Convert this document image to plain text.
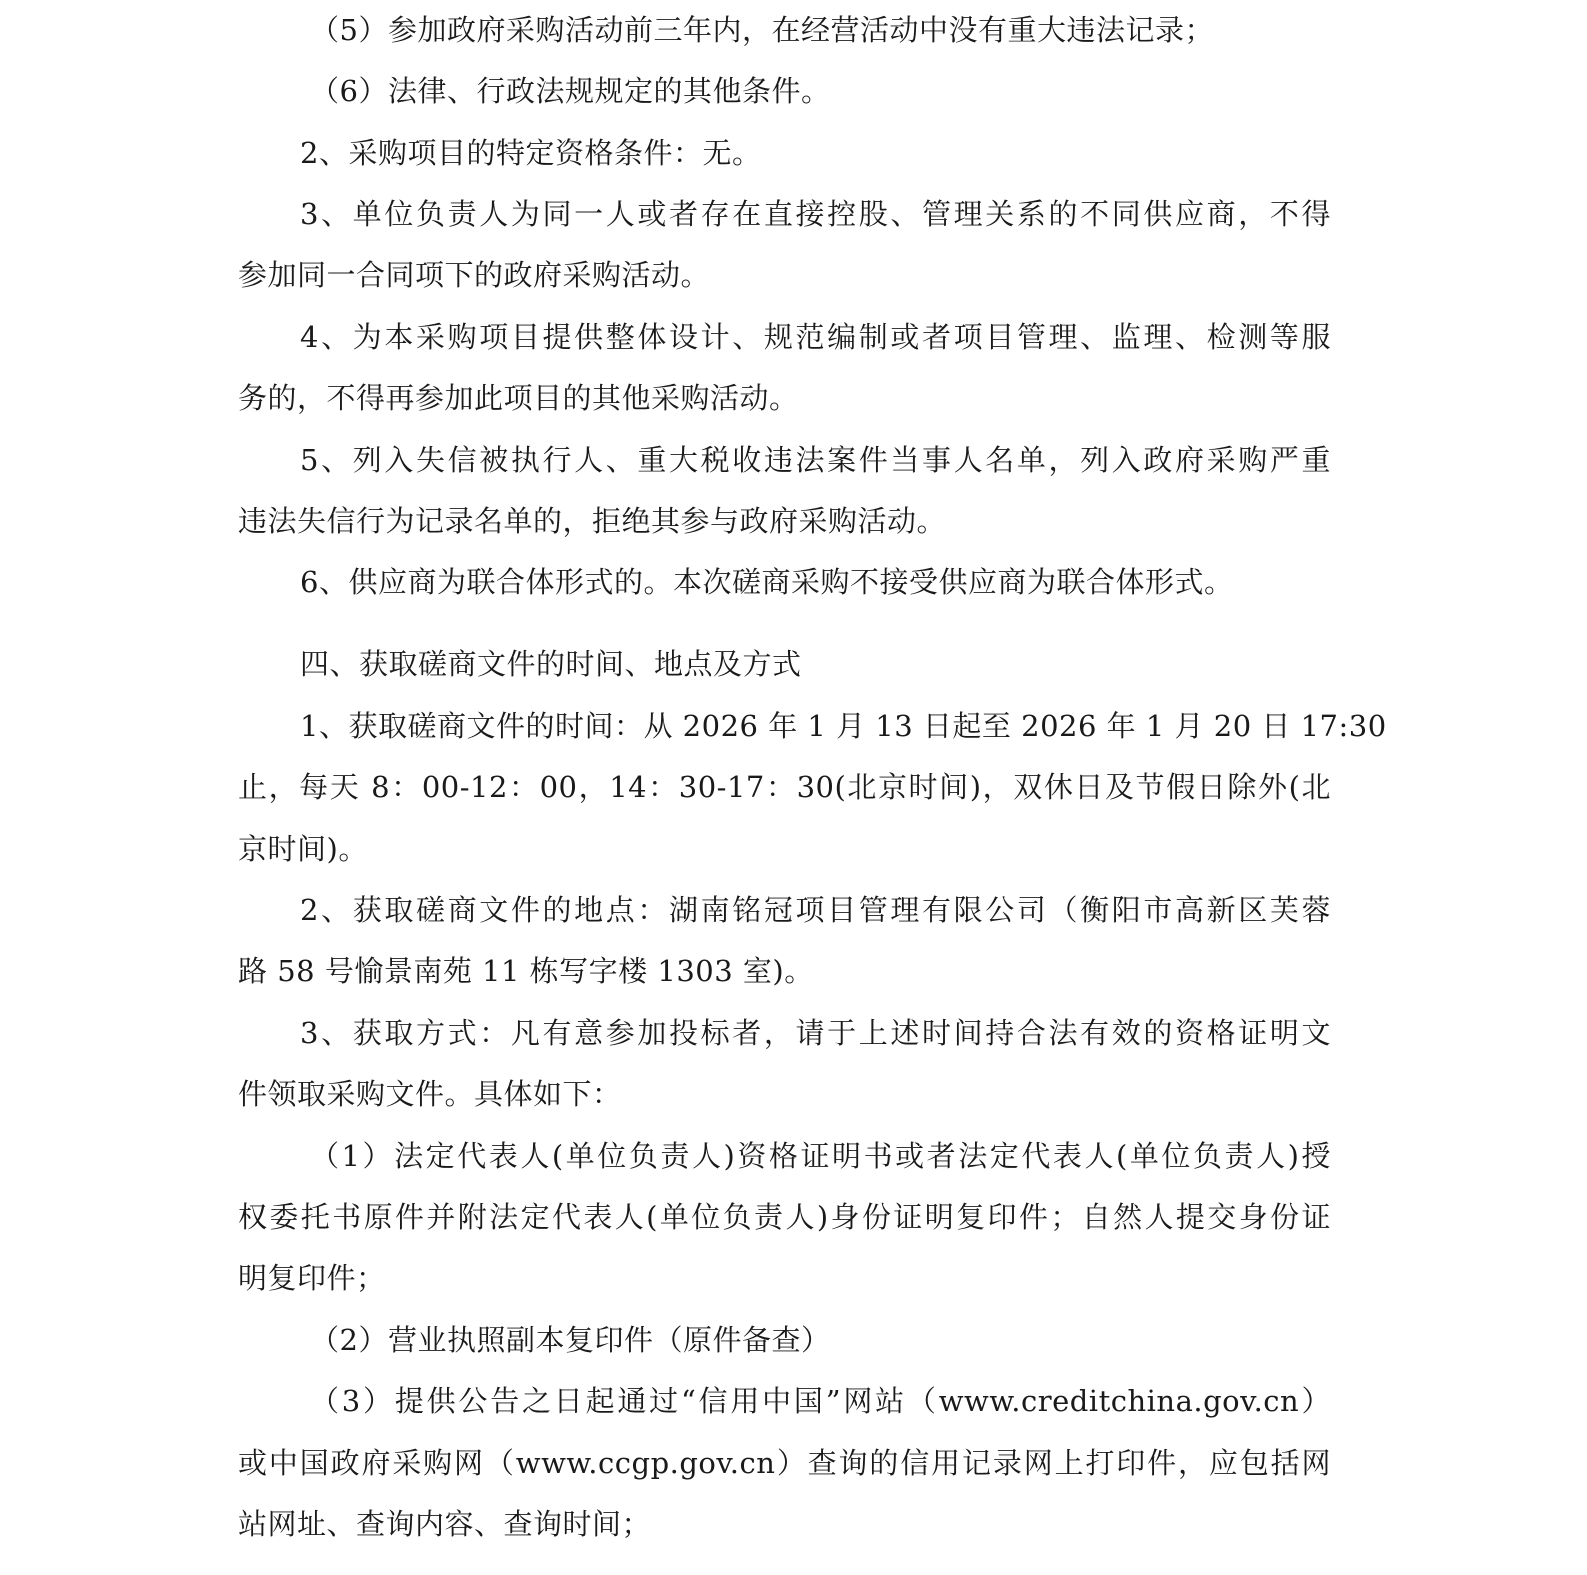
（5）参加政府采购活动前三年内，在经营活动中没有重大违法记录；
（6）法律、行政法规规定的其他条件。
2、采购项目的特定资格条件：无。
3、单位负责人为同一人或者存在直接控股、管理关系的不同供应商，不得
参加同一合同项下的政府采购活动。
4、为本采购项目提供整体设计、规范编制或者项目管理、监理、检测等服
务的，不得再参加此项目的其他采购活动。
5、列入失信被执行人、重大税收违法案件当事人名单，列入政府采购严重
违法失信行为记录名单的，拒绝其参与政府采购活动。
6、供应商为联合体形式的。本次磋商采购不接受供应商为联合体形式。
四、获取磋商文件的时间、地点及方式
1、获取磋商文件的时间：从 2026 年 1 月 13 日起至 2026 年 1 月 20 日 17:30
止，每天 8：00-12：00，14：30-17：30(北京时间)，双休日及节假日除外(北
京时间)。
2、获取磋商文件的地点：湖南铭冠项目管理有限公司（衡阳市高新区芙蓉
路 58 号愉景南苑 11 栋写字楼 1303 室)。
3、获取方式：凡有意参加投标者，请于上述时间持合法有效的资格证明文
件领取采购文件。具体如下：
（1）法定代表人(单位负责人)资格证明书或者法定代表人(单位负责人)授
权委托书原件并附法定代表人(单位负责人)身份证明复印件；自然人提交身份证
明复印件；
（2）营业执照副本复印件（原件备查）
（3）提供公告之日起通过“信用中国”网站（www.creditchina.gov.cn）
或中国政府采购网（www.ccgp.gov.cn）查询的信用记录网上打印件，应包括网
站网址、查询内容、查询时间；
